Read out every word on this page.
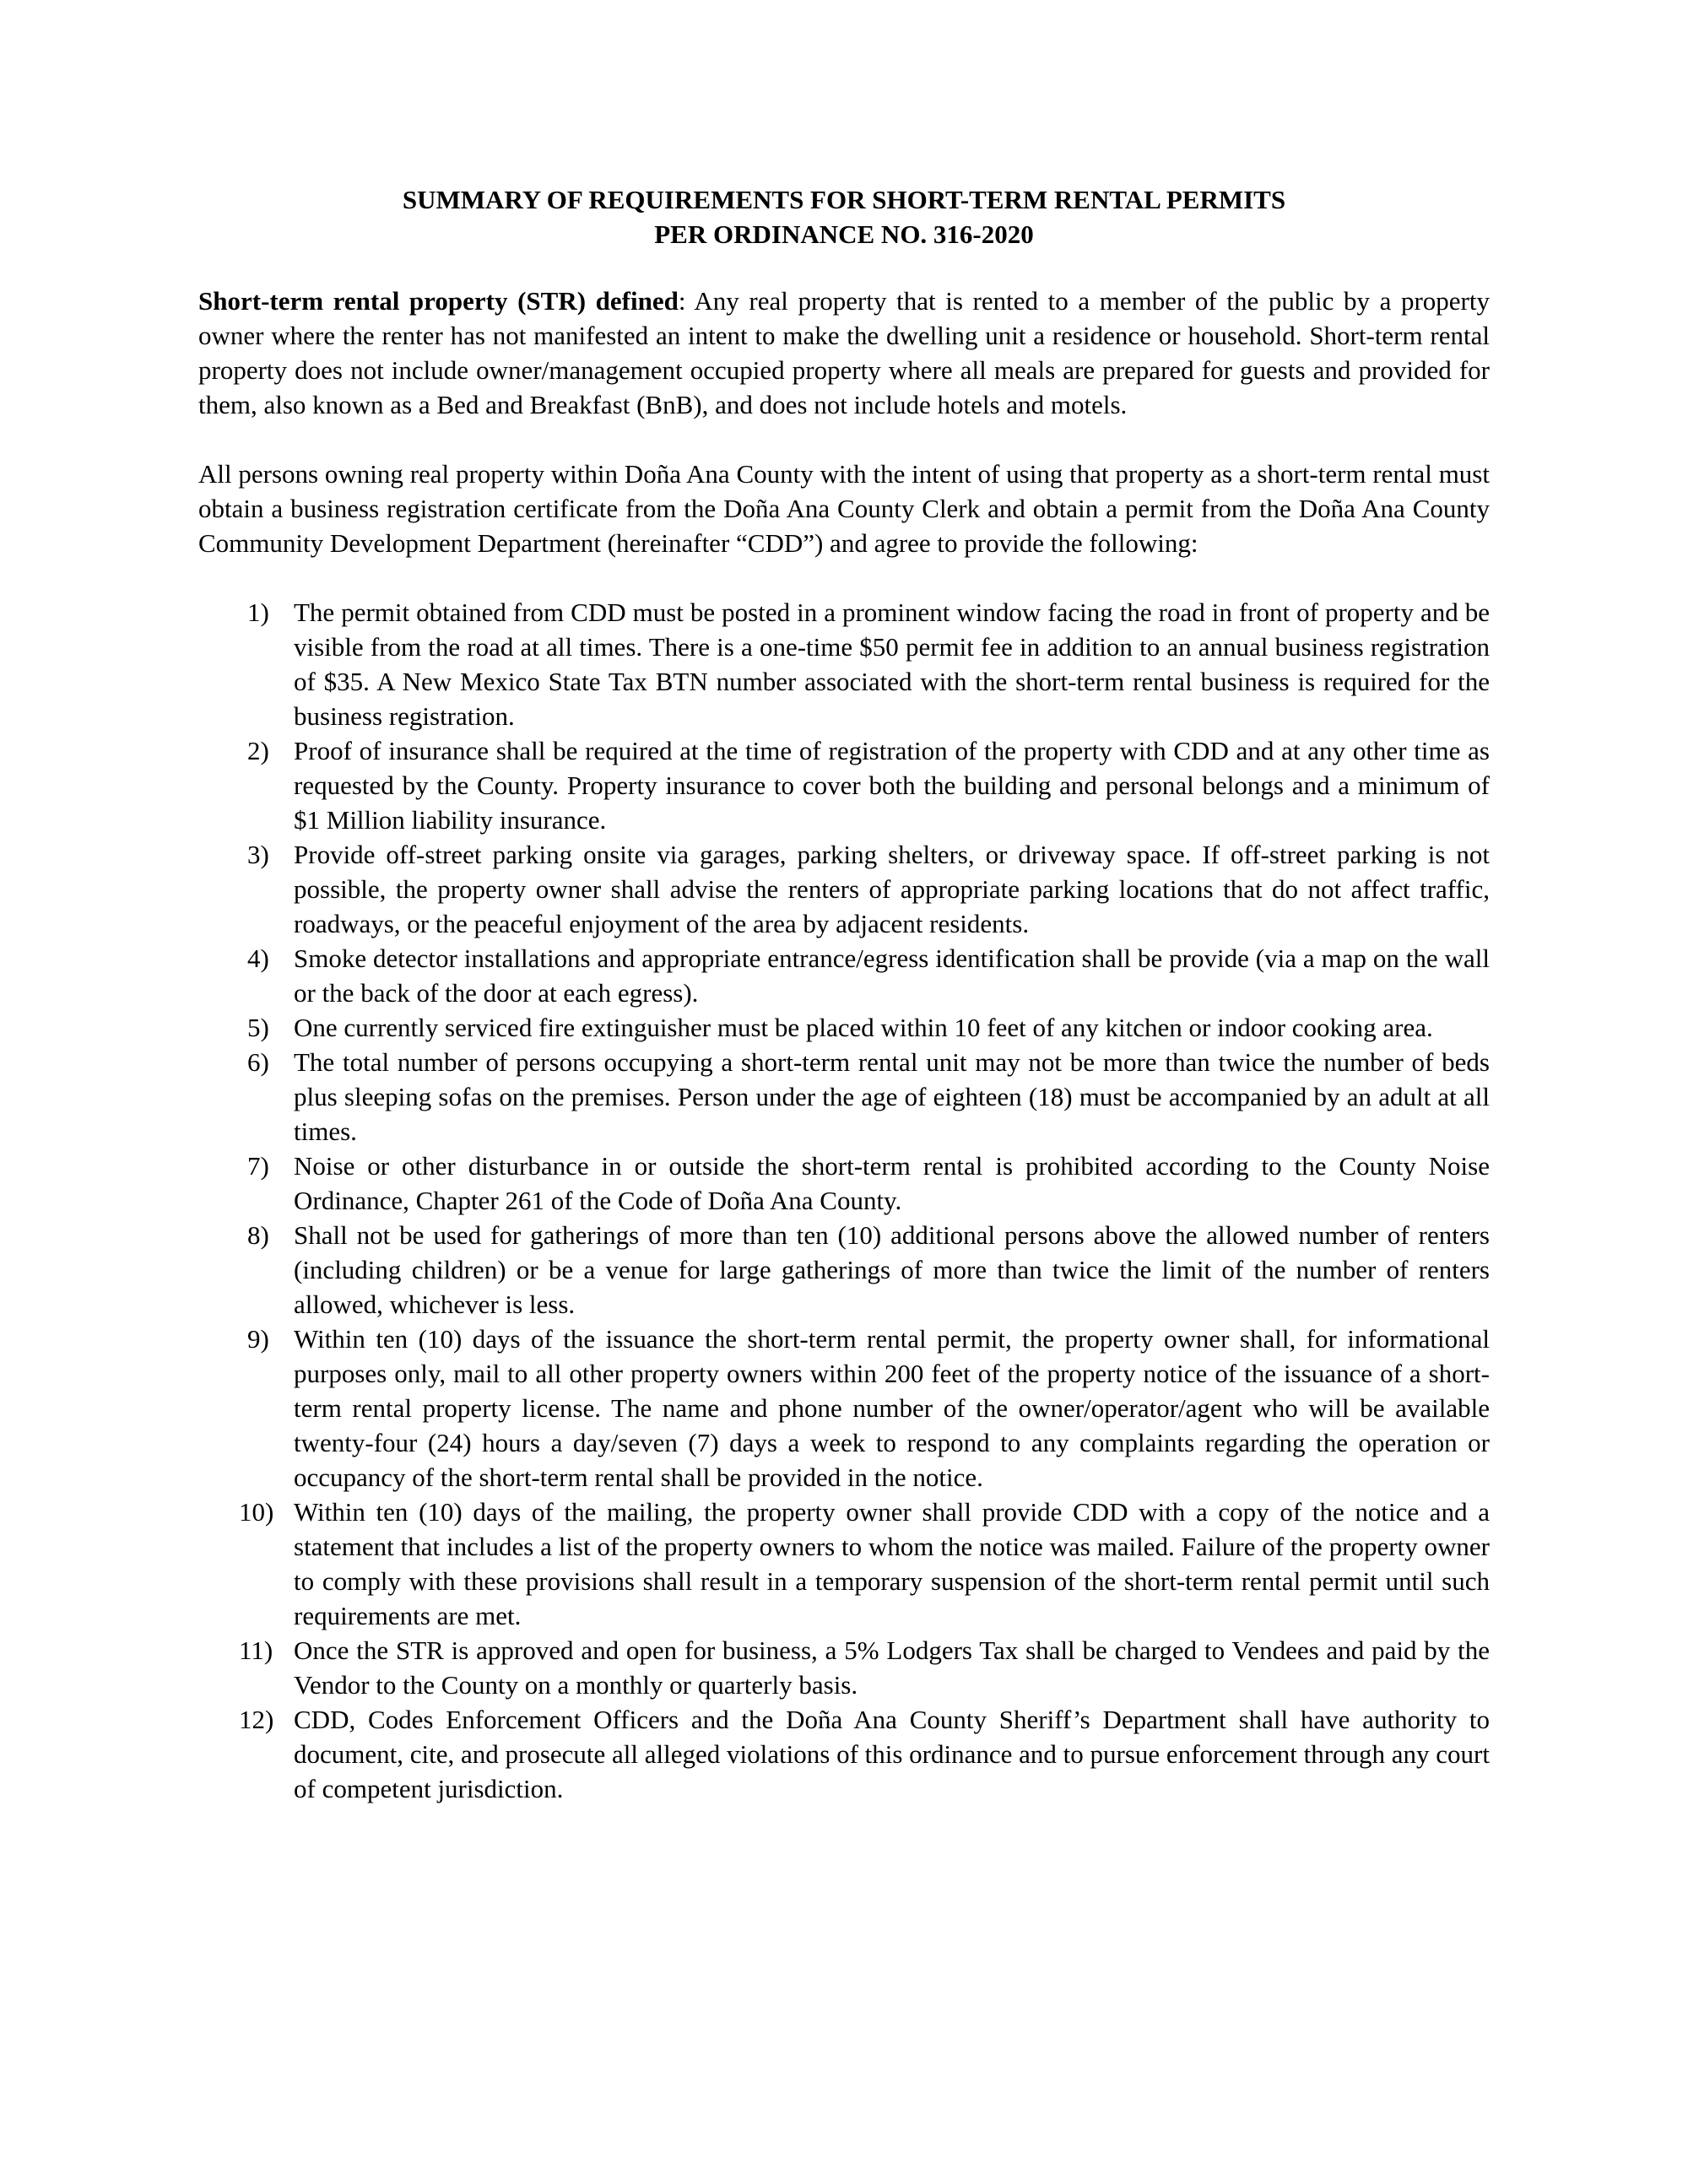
SUMMARY OF REQUIREMENTS FOR SHORT-TERM RENTAL PERMITS
PER ORDINANCE NO. 316-2020

Short-term rental property (STR) defined: Any real property that is rented to a member of the public by a property owner where the renter has not manifested an intent to make the dwelling unit a residence or household. Short-term rental property does not include owner/management occupied property where all meals are prepared for guests and provided for them, also known as a Bed and Breakfast (BnB), and does not include hotels and motels.

All persons owning real property within Doña Ana County with the intent of using that property as a short-term rental must obtain a business registration certificate from the Doña Ana County Clerk and obtain a permit from the Doña Ana County Community Development Department (hereinafter “CDD”) and agree to provide the following:

1) The permit obtained from CDD must be posted in a prominent window facing the road in front of property and be visible from the road at all times. There is a one-time $50 permit fee in addition to an annual business registration of $35. A New Mexico State Tax BTN number associated with the short-term rental business is required for the business registration.
2) Proof of insurance shall be required at the time of registration of the property with CDD and at any other time as requested by the County. Property insurance to cover both the building and personal belongs and a minimum of $1 Million liability insurance.
3) Provide off-street parking onsite via garages, parking shelters, or driveway space. If off-street parking is not possible, the property owner shall advise the renters of appropriate parking locations that do not affect traffic, roadways, or the peaceful enjoyment of the area by adjacent residents.
4) Smoke detector installations and appropriate entrance/egress identification shall be provide (via a map on the wall or the back of the door at each egress).
5) One currently serviced fire extinguisher must be placed within 10 feet of any kitchen or indoor cooking area.
6) The total number of persons occupying a short-term rental unit may not be more than twice the number of beds plus sleeping sofas on the premises. Person under the age of eighteen (18) must be accompanied by an adult at all times.
7) Noise or other disturbance in or outside the short-term rental is prohibited according to the County Noise Ordinance, Chapter 261 of the Code of Doña Ana County.
8) Shall not be used for gatherings of more than ten (10) additional persons above the allowed number of renters (including children) or be a venue for large gatherings of more than twice the limit of the number of renters allowed, whichever is less.
9) Within ten (10) days of the issuance the short-term rental permit, the property owner shall, for informational purposes only, mail to all other property owners within 200 feet of the property notice of the issuance of a short-term rental property license. The name and phone number of the owner/operator/agent who will be available twenty-four (24) hours a day/seven (7) days a week to respond to any complaints regarding the operation or occupancy of the short-term rental shall be provided in the notice.
10) Within ten (10) days of the mailing, the property owner shall provide CDD with a copy of the notice and a statement that includes a list of the property owners to whom the notice was mailed. Failure of the property owner to comply with these provisions shall result in a temporary suspension of the short-term rental permit until such requirements are met.
11) Once the STR is approved and open for business, a 5% Lodgers Tax shall be charged to Vendees and paid by the Vendor to the County on a monthly or quarterly basis.
12) CDD, Codes Enforcement Officers and the Doña Ana County Sheriff’s Department shall have authority to document, cite, and prosecute all alleged violations of this ordinance and to pursue enforcement through any court of competent jurisdiction.
